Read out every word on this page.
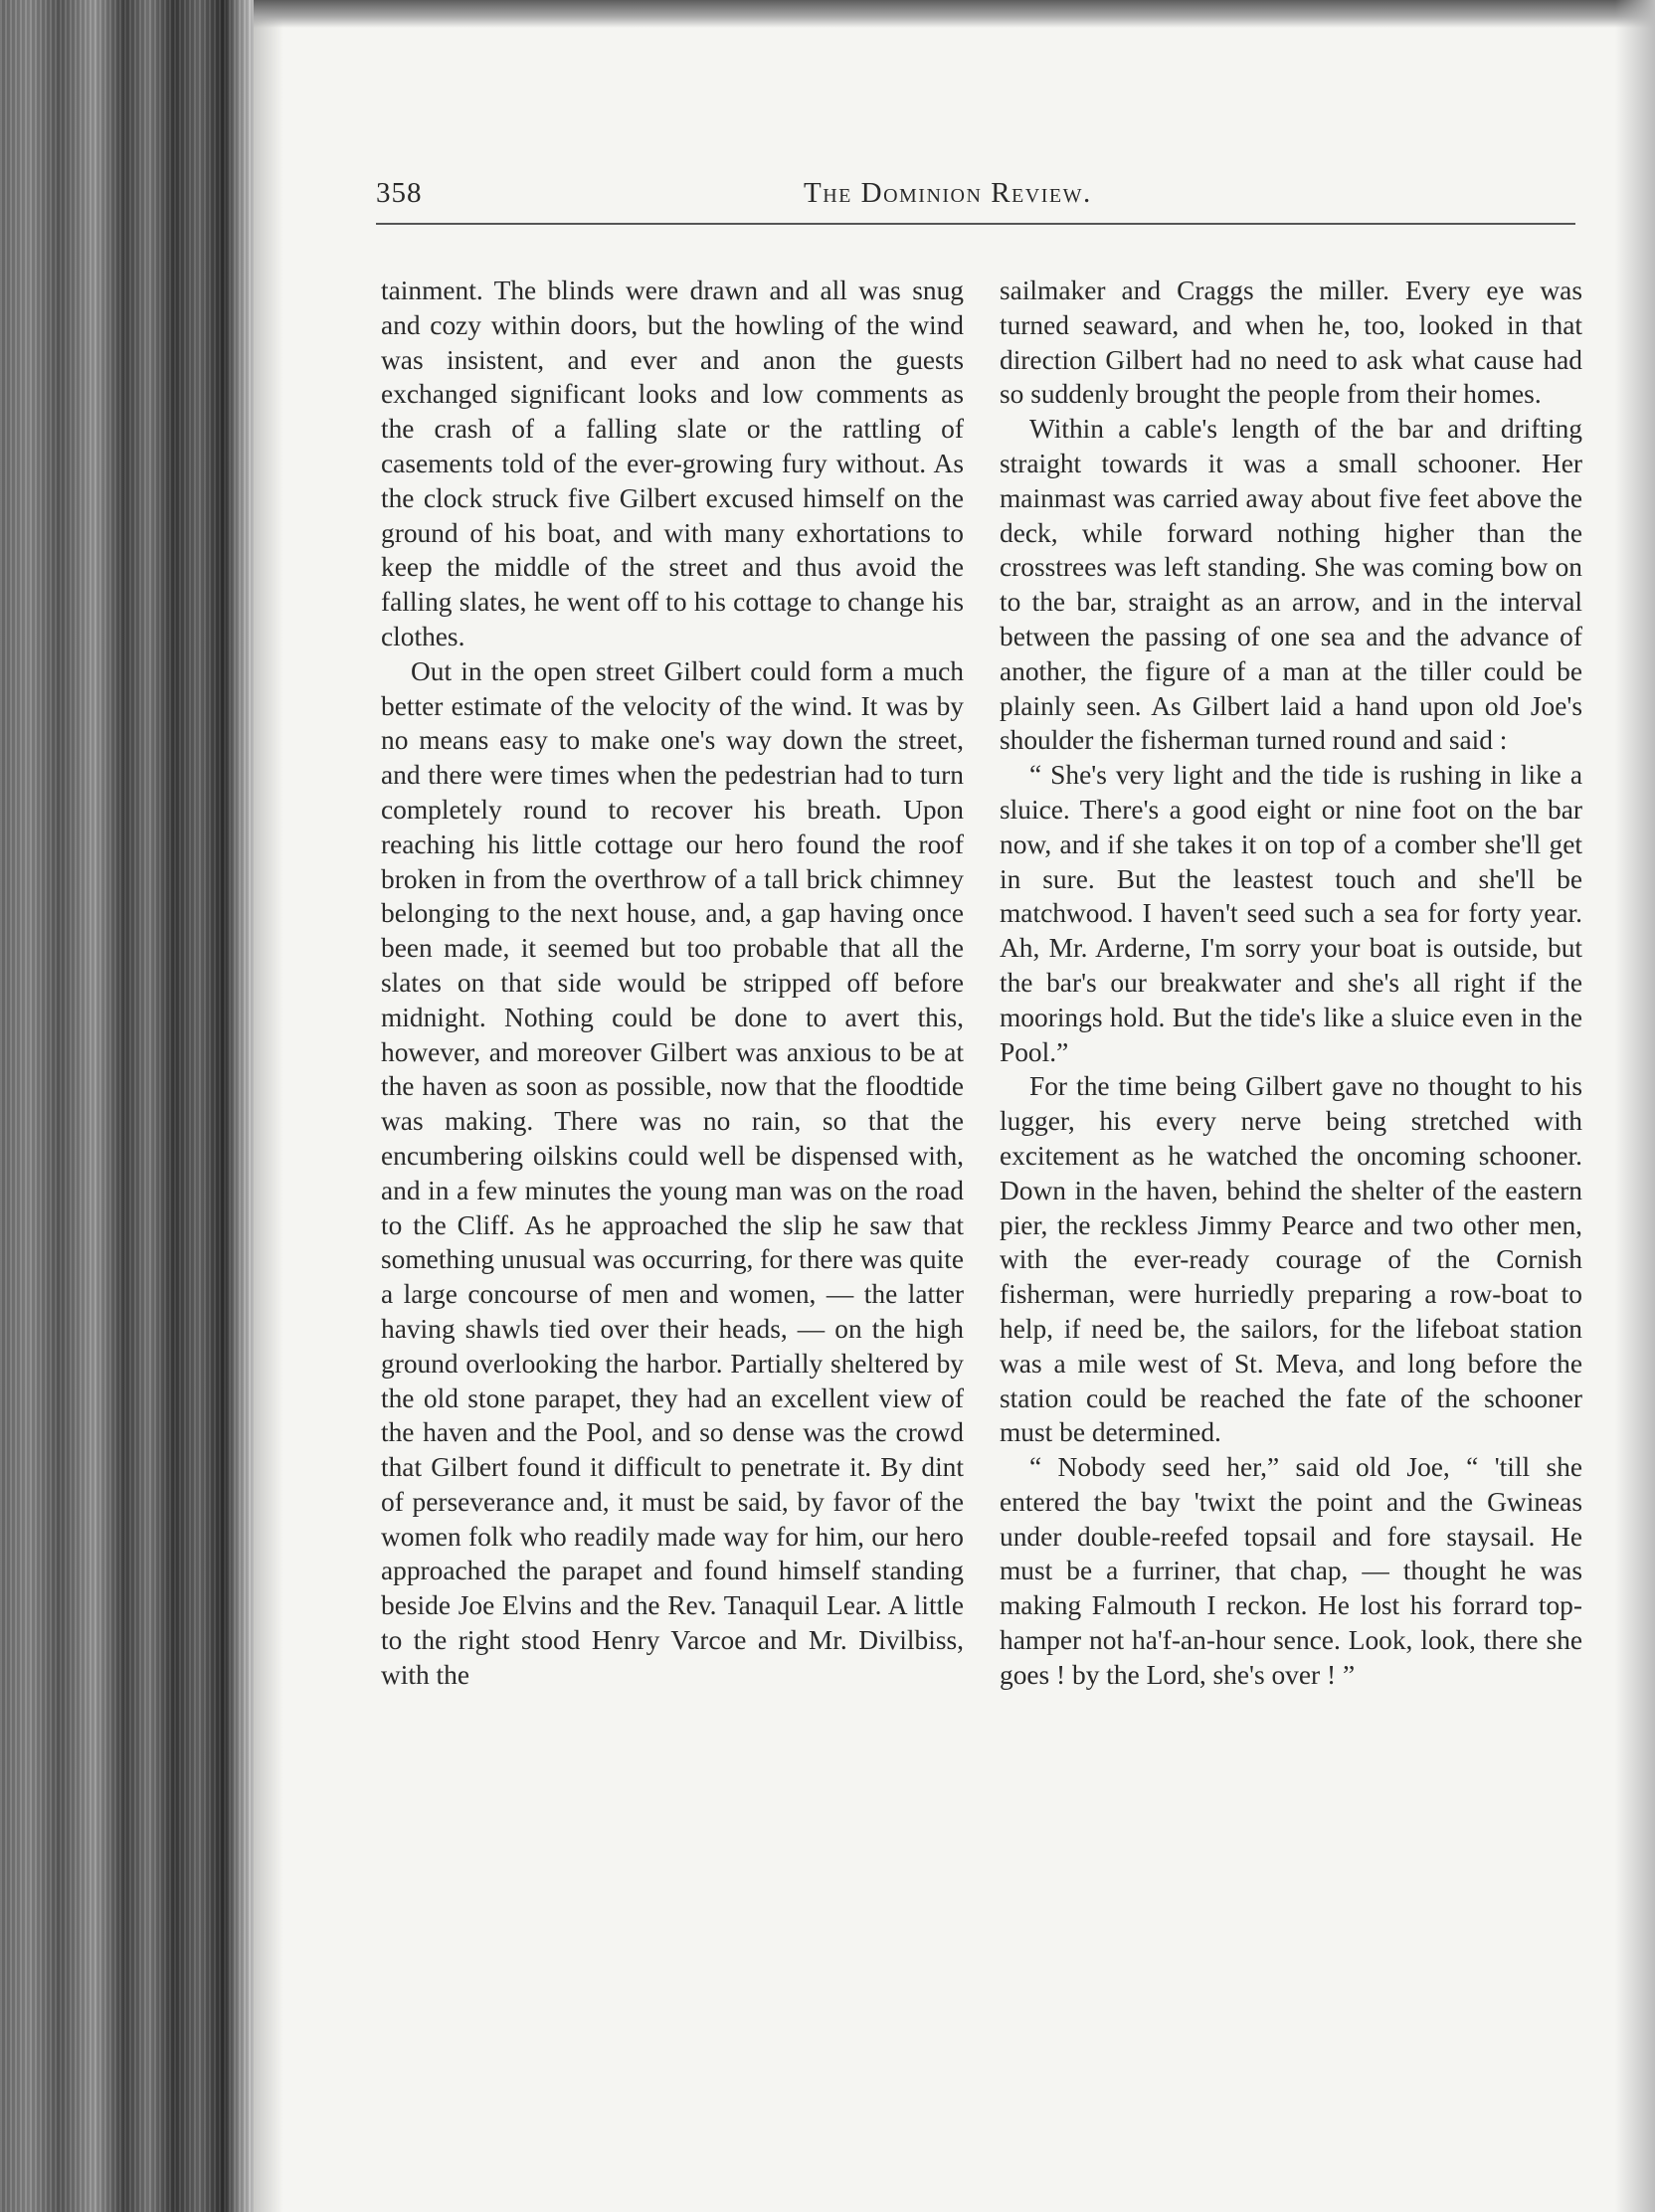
358	The Dominion Review.

tainment. The blinds were drawn and all was snug and cozy within doors, but the howling of the wind was insistent, and ever and anon the guests exchanged significant looks and low comments as the crash of a falling slate or the rattling of casements told of the ever-growing fury without. As the clock struck five Gilbert excused himself on the ground of his boat, and with many exhortations to keep the middle of the street and thus avoid the falling slates, he went off to his cottage to change his clothes.

Out in the open street Gilbert could form a much better estimate of the velocity of the wind. It was by no means easy to make one's way down the street, and there were times when the pedestrian had to turn completely round to recover his breath. Upon reaching his little cottage our hero found the roof broken in from the overthrow of a tall brick chimney belonging to the next house, and, a gap having once been made, it seemed but too probable that all the slates on that side would be stripped off before midnight. Nothing could be done to avert this, however, and moreover Gilbert was anxious to be at the haven as soon as possible, now that the floodtide was making. There was no rain, so that the encumbering oilskins could well be dispensed with, and in a few minutes the young man was on the road to the Cliff. As he approached the slip he saw that something unusual was occurring, for there was quite a large concourse of men and women, — the latter having shawls tied over their heads, — on the high ground overlooking the harbor. Partially sheltered by the old stone parapet, they had an excellent view of the haven and the Pool, and so dense was the crowd that Gilbert found it difficult to penetrate it. By dint of perseverance and, it must be said, by favor of the women folk who readily made way for him, our hero approached the parapet and found himself standing beside Joe Elvins and the Rev. Tanaquil Lear. A little to the right stood Henry Varcoe and Mr. Divilbiss, with the

sailmaker and Craggs the miller. Every eye was turned seaward, and when he, too, looked in that direction Gilbert had no need to ask what cause had so suddenly brought the people from their homes.

Within a cable's length of the bar and drifting straight towards it was a small schooner. Her mainmast was carried away about five feet above the deck, while forward nothing higher than the crosstrees was left standing. She was coming bow on to the bar, straight as an arrow, and in the interval between the passing of one sea and the advance of another, the figure of a man at the tiller could be plainly seen. As Gilbert laid a hand upon old Joe's shoulder the fisherman turned round and said :

“ She's very light and the tide is rushing in like a sluice. There's a good eight or nine foot on the bar now, and if she takes it on top of a comber she'll get in sure. But the leastest touch and she'll be matchwood. I haven't seed such a sea for forty year. Ah, Mr. Arderne, I'm sorry your boat is outside, but the bar's our breakwater and she's all right if the moorings hold. But the tide's like a sluice even in the Pool.”

For the time being Gilbert gave no thought to his lugger, his every nerve being stretched with excitement as he watched the oncoming schooner. Down in the haven, behind the shelter of the eastern pier, the reckless Jimmy Pearce and two other men, with the ever-ready courage of the Cornish fisherman, were hurriedly preparing a row-boat to help, if need be, the sailors, for the lifeboat station was a mile west of St. Meva, and long before the station could be reached the fate of the schooner must be determined.

“ Nobody seed her,” said old Joe, “ 'till she entered the bay 'twixt the point and the Gwineas under double-reefed topsail and fore staysail. He must be a furriner, that chap, — thought he was making Falmouth I reckon. He lost his forrard top-hamper not ha'f-an-hour sence. Look, look, there she goes ! by the Lord, she's over ! ”
